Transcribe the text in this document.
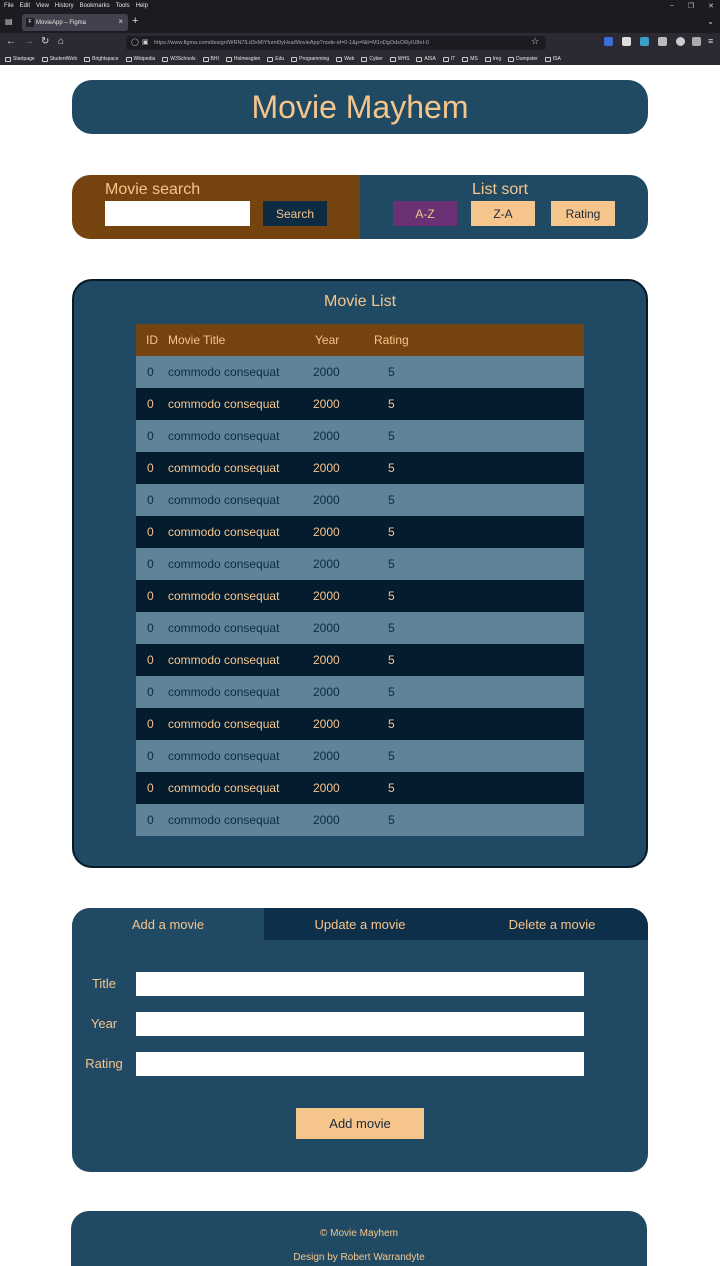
File Edit View History Bookmarks Tools Help	– ❐ ✕
▤	F MovieApp – Figma	× +	⌄
← → ↻ ⌂	◯ ▣ https://www.figma.com/design/WRN7lLd3xMIYfumt0yHsa/MovieApp?node-id=0-1&p=f&t=M1nDgOdsORyIU8nI-0	☆	≡
Startpage	StudentWeb	Brightspace	Wikipedia	W3Schools	BHI	Holmesglen	Edu	Programming	Web	Cyber	WHS	AISA	IT	MS	Img	Dumpster	ISA
Movie Mayhem
Movie search
Search
List sort
A-Z	Z-A	Rating
Movie List
ID Movie Title	Year	Rating
0 commodo consequat	2000	5
0 commodo consequat	2000	5
0 commodo consequat	2000	5
0 commodo consequat	2000	5
0 commodo consequat	2000	5
0 commodo consequat	2000	5
0 commodo consequat	2000	5
0 commodo consequat	2000	5
0 commodo consequat	2000	5
0 commodo consequat	2000	5
0 commodo consequat	2000	5
0 commodo consequat	2000	5
0 commodo consequat	2000	5
0 commodo consequat	2000	5
0 commodo consequat	2000	5
Add a movie	Update a movie	Delete a movie
Title
Year
Rating
Add movie
© Movie Mayhem
Design by Robert Warrandyte
